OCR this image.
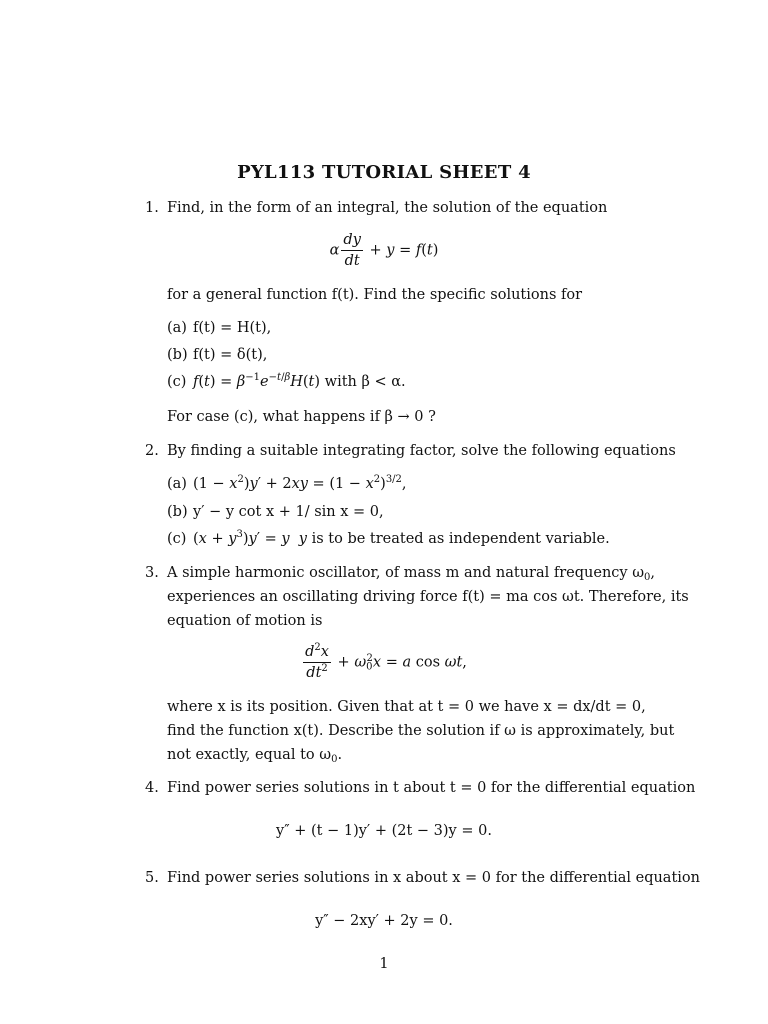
PYL113 TUTORIAL SHEET 4
1. Find, in the form of an integral, the solution of the equation
α $\frac{dy}{dt} + y = f(t)$
for a general function f(t). Find the specific solutions for
(a) f(t) = H(t),
(b) f(t) = δ(t),
(c) $f(t) = \beta^{-1}e^{-t/\beta}H(t)$ with β < α.
For case (c), what happens if β → 0 ?
2. By finding a suitable integrating factor, solve the following equations
(a) $(1 - x^2)y' + 2xy = (1 - x^2)^{3/2}$,
(b) y′ − y cot x + 1/ sin x = 0,
(c) $(x + y^3)y' = y$ y is to be treated as independent variable.
3. A simple harmonic oscillator, of mass m and natural frequency $\omega_0$,
experiences an oscillating driving force f(t) = ma cos ωt. Therefore, its
equation of motion is
$\frac{d^2x}{dt^2} + \omega_0^2x = a$ cos ωt,
where x is its position. Given that at t = 0 we have x = dx/dt = 0,
find the function x(t). Describe the solution if ω is approximately, but
not exactly, equal to $\omega_0$.
4. Find power series solutions in t about t = 0 for the differential equation
y″ + (t − 1)y′ + (2t − 3)y = 0.
5. Find power series solutions in x about x = 0 for the differential equation
y″ − 2xy′ + 2y = 0.
1
